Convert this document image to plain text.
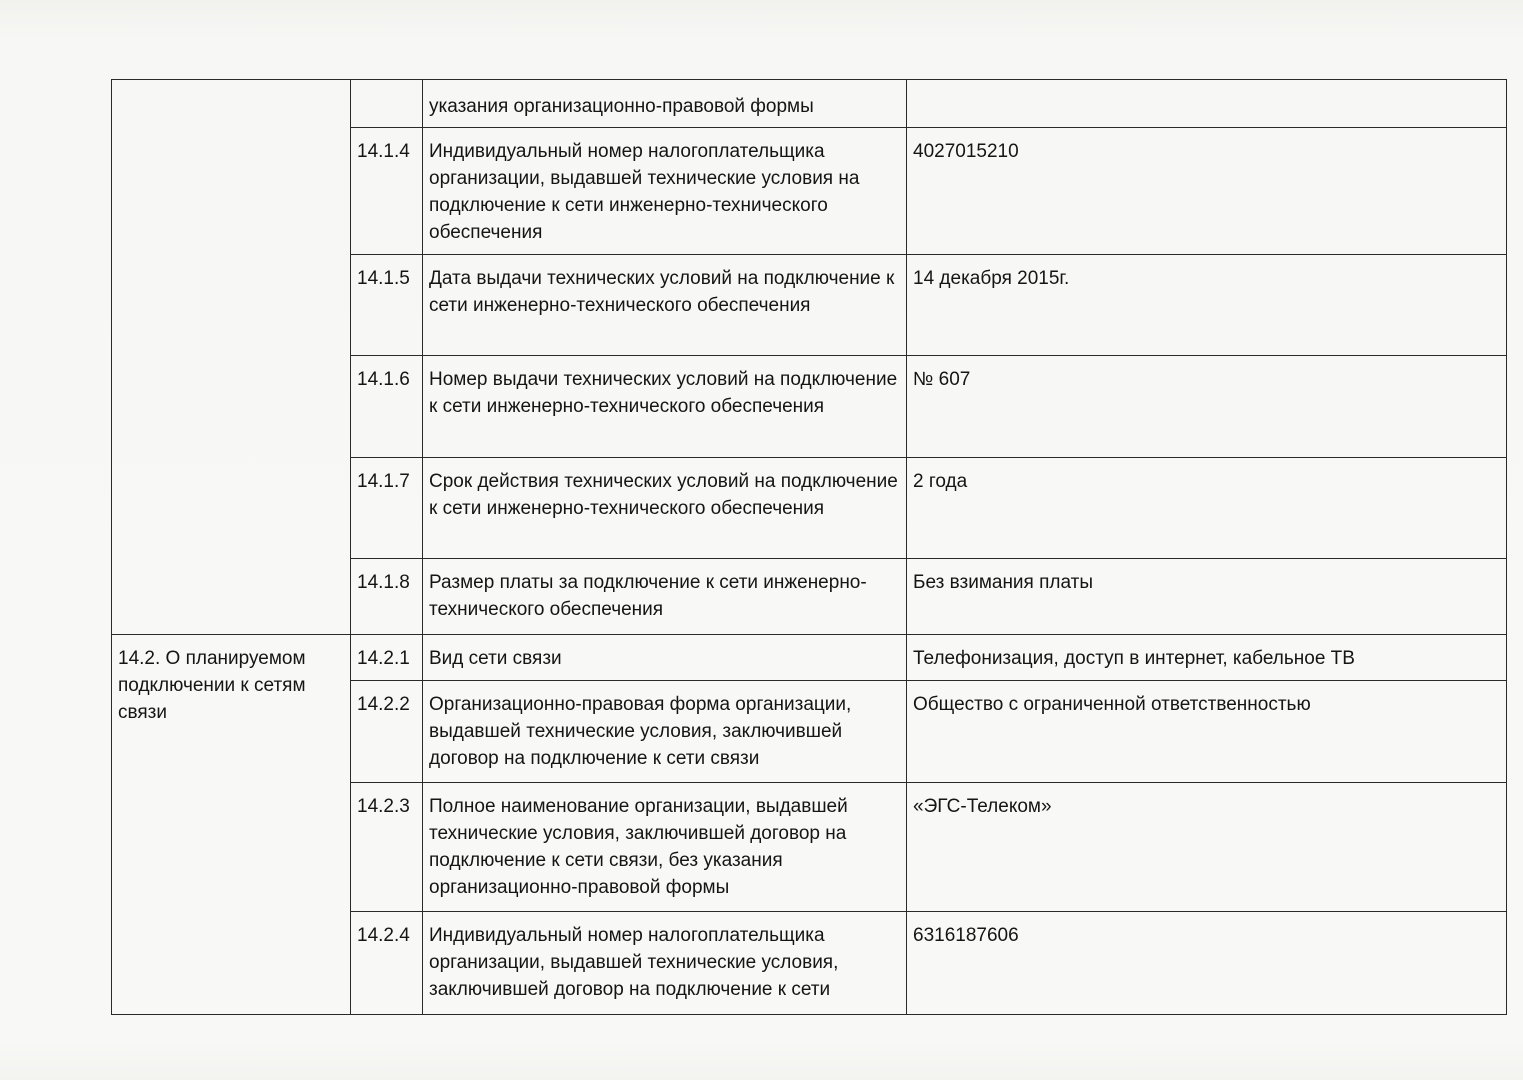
		указания организационно-правовой формы	
	14.1.4	Индивидуальный номер налогоплательщика организации, выдавшей технические условия на подключение к сети инженерно-технического обеспечения	4027015210
	14.1.5	Дата выдачи технических условий на подключение к сети инженерно-технического обеспечения	14 декабря 2015г.
	14.1.6	Номер выдачи технических условий на подключение к сети инженерно-технического обеспечения	№ 607
	14.1.7	Срок действия технических условий на подключение к сети инженерно-технического обеспечения	2 года
	14.1.8	Размер платы за подключение к сети инженерно-технического обеспечения	Без взимания платы

14.2. О планируемом подключении к сетям связи	14.2.1	Вид сети связи	Телефонизация, доступ в интернет, кабельное ТВ
	14.2.2	Организационно-правовая форма организации, выдавшей технические условия, заключившей договор на подключение к сети связи	Общество с ограниченной ответственностью
	14.2.3	Полное наименование организации, выдавшей технические условия, заключившей договор на подключение к сети связи, без указания организационно-правовой формы	«ЭГС-Телеком»
	14.2.4	Индивидуальный номер налогоплательщика организации, выдавшей технические условия, заключившей договор на подключение к сети	6316187606
